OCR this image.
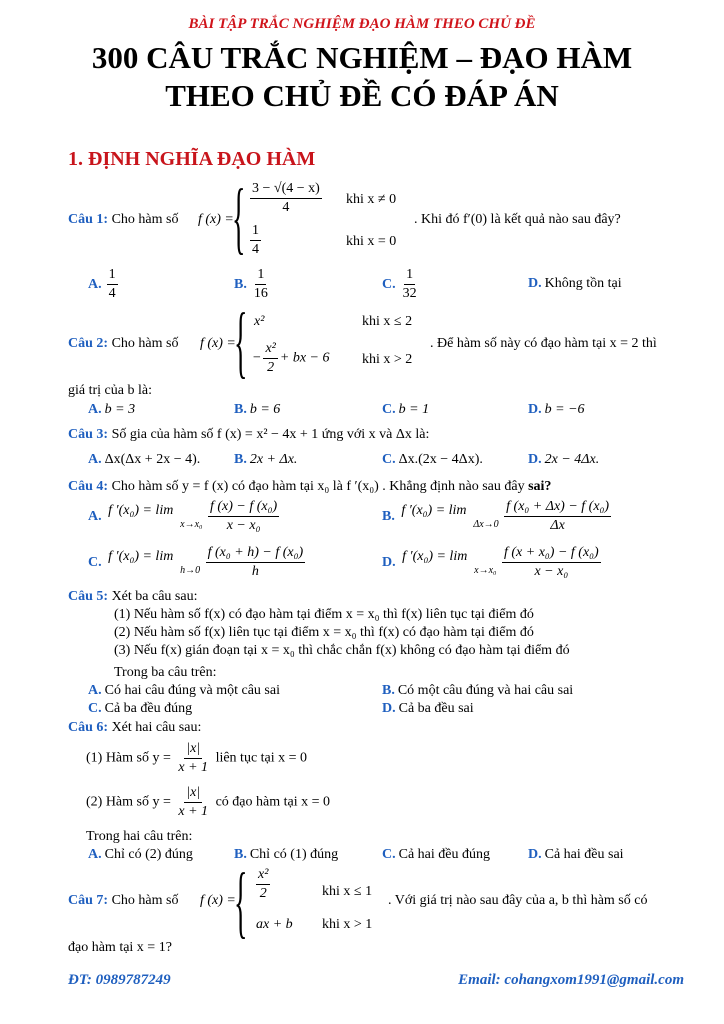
BÀI TẬP TRẮC NGHIỆM ĐẠO HÀM THEO CHỦ ĐỀ
300 CÂU TRẮC NGHIỆM – ĐẠO HÀM
THEO CHỦ ĐỀ CÓ ĐÁP ÁN
1. ĐỊNH NGHĨA ĐẠO HÀM
Câu 1: Cho hàm số f (x) =
{ $\frac{3 - √(4 - x)}{4}$ khi x ≠ 0
$\frac{1}{4}$	khi x = 0
. Khi đó f′(0) là kết quả nào sau đây?
A. $\frac{1}{4}$	B. $\frac{1}{16}$	C. $\frac{1}{32}$	D. Không tồn tại
Câu 2: Cho hàm số f (x) =
{ x²	khi x ≤ 2
− $\frac{\text{x²}}{2}$ + bx − 6 khi x > 2
. Để hàm số này có đạo hàm tại x = 2 thì
giá trị của b là:
A. b = 3	B. b = 6	C. b = 1	D. b = −6
Câu 3: Số gia của hàm số f (x) = x² − 4x + 1 ứng với x và Δx là:
A. Δx(Δx + 2x − 4). B. 2x + Δx.	C. Δx.(2x − 4Δx).	D. 2x − 4Δx.
Câu 4: Cho hàm số y = f (x) có đạo hàm tại x₀ là f ′(x₀) . Khẳng định nào sau đây sai?
A. f ′(x₀) = lim
x→x₀
$\frac{\text{f (x) − f (x₀)}}{\text{x − x₀}}$	B. f ′(x₀) = lim
Δx→0
$\frac{\text{f (x₀ + Δx) − f (x₀)}}{\Delta x}$
C. f ′(x₀) = lim
h→0
$\frac{\text{f (x₀ + h) − f (x₀)}}{h}$	D. f ′(x₀) = lim
x→x₀
$\frac{\text{f (x + x₀) − f (x₀)}}{\text{x − x₀}}$
Câu 5: Xét ba câu sau:
(1) Nếu hàm số f(x) có đạo hàm tại điểm x = x₀ thì f(x) liên tục tại điểm đó
(2) Nếu hàm số f(x) liên tục tại điểm x = x₀ thì f(x) có đạo hàm tại điểm đó
(3) Nếu f(x) gián đoạn tại x = x₀ thì chắc chắn f(x) không có đạo hàm tại điểm đó
Trong ba câu trên:
A. Có hai câu đúng và một câu sai	B. Có một câu đúng và hai câu sai
C. Cả ba đều đúng	D. Cả ba đều sai
Câu 6: Xét hai câu sau:
(1) Hàm số $y = \frac{|x|}{x + 1}$ liên tục tại x = 0
(2) Hàm số $y = \frac{|x|}{x + 1}$ có đạo hàm tại x = 0
Trong hai câu trên:
A. Chỉ có (2) đúng	B. Chỉ có (1) đúng	C. Cả hai đều đúng	D. Cả hai đều sai
Câu 7: Cho hàm số f (x) =
{ $\frac{\text{x²}}{2}$	khi x ≤ 1
ax + b khi x > 1
. Với giá trị nào sau đây của a, b thì hàm số có
đạo hàm tại x = 1?
ĐT: 0989787249	Email: cohangxom1991@gmail.com
